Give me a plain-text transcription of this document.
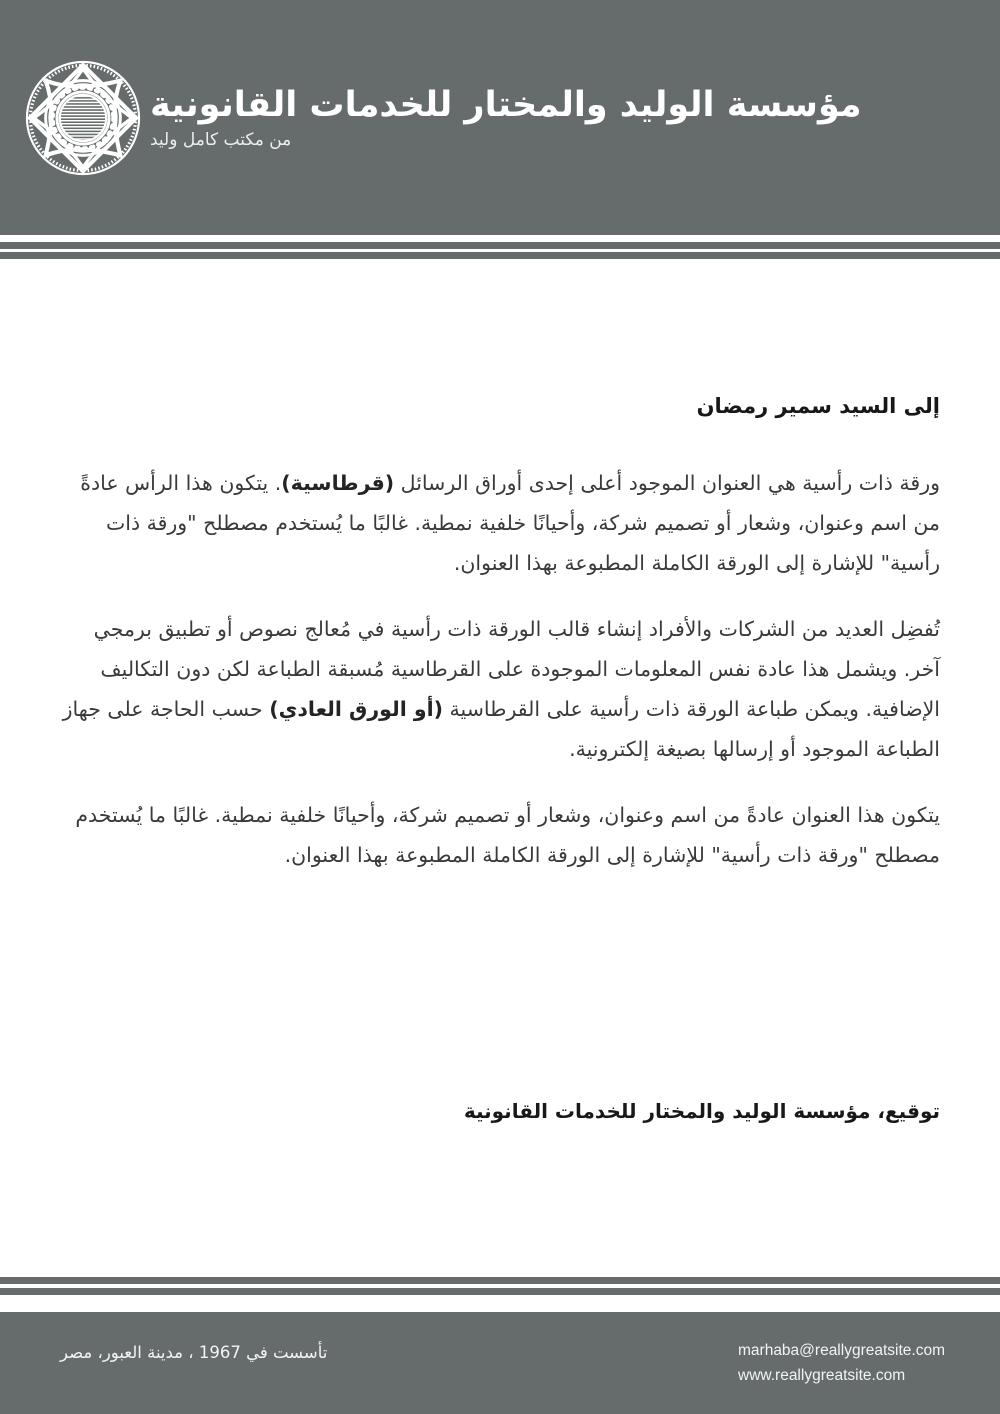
مؤسسة الوليد والمختار للخدمات القانونية
من مكتب كامل وليد
إلى السيد سمير رمضان

ورقة ذات رأسية هي العنوان الموجود أعلى إحدى أوراق الرسائل (قرطاسية). يتكون هذا الرأس عادةً من اسم وعنوان، وشعار أو تصميم شركة، وأحيانًا خلفية نمطية. غالبًا ما يُستخدم مصطلح "ورقة ذات رأسية" للإشارة إلى الورقة الكاملة المطبوعة بهذا العنوان.

تُفضِل العديد من الشركات والأفراد إنشاء قالب الورقة ذات رأسية في مُعالج نصوص أو تطبيق برمجي آخر. ويشمل هذا عادة نفس المعلومات الموجودة على القرطاسية مُسبقة الطباعة لكن دون التكاليف الإضافية. ويمكن طباعة الورقة ذات رأسية على القرطاسية (أو الورق العادي) حسب الحاجة على جهاز الطباعة الموجود أو إرسالها بصيغة إلكترونية.

يتكون هذا العنوان عادةً من اسم وعنوان، وشعار أو تصميم شركة، وأحيانًا خلفية نمطية. غالبًا ما يُستخدم مصطلح "ورقة ذات رأسية" للإشارة إلى الورقة الكاملة المطبوعة بهذا العنوان.

توقيع، مؤسسة الوليد والمختار للخدمات القانونية
marhaba@reallygreatsite.com
www.reallygreatsite.com
تأسست في 1967 ، مدينة العبور، مصر
